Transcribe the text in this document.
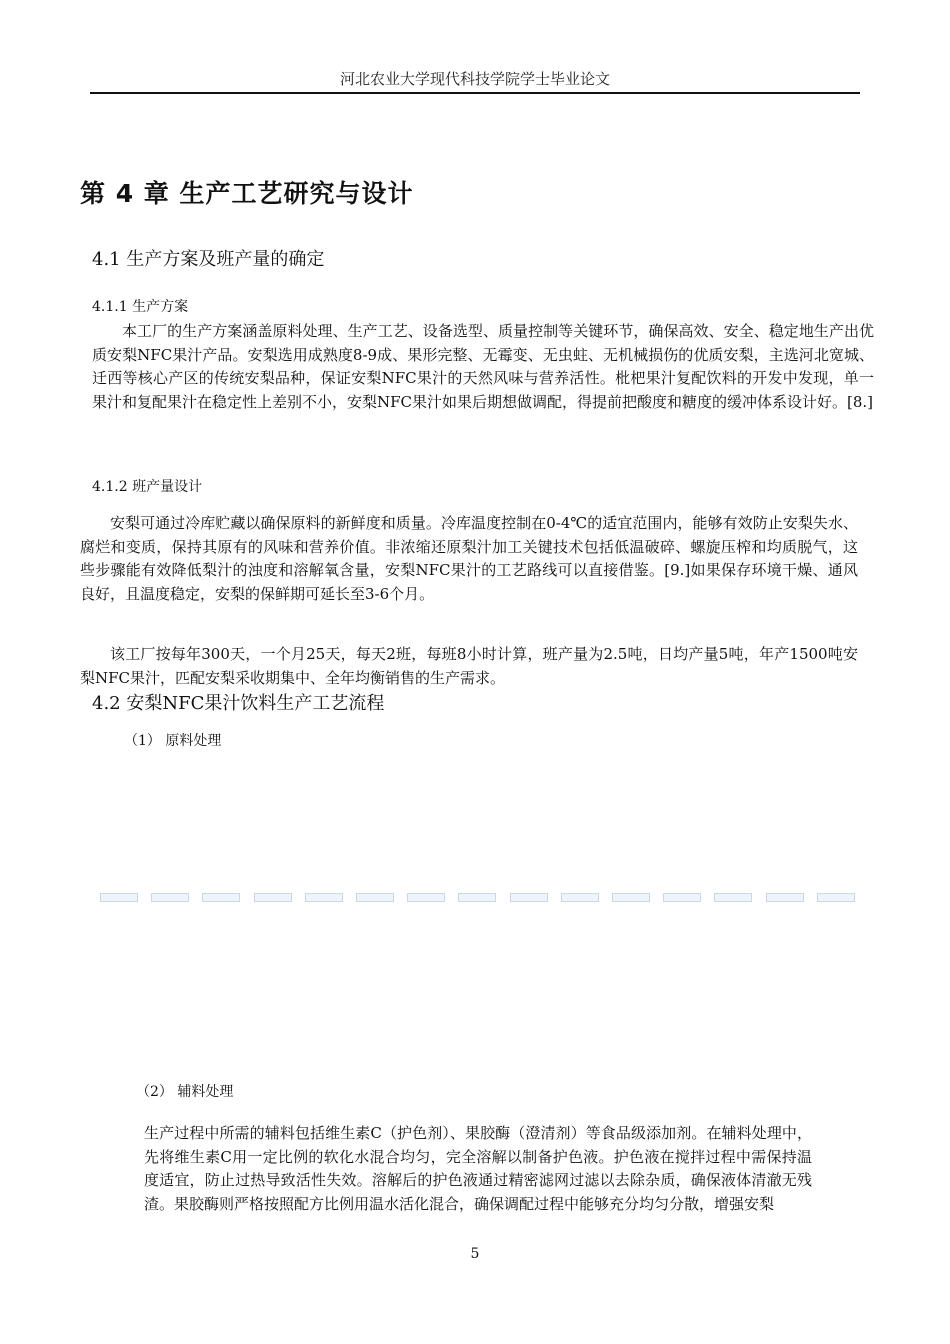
河北农业大学现代科技学院学士毕业论文
第 4 章 生产工艺研究与设计
4.1 生产方案及班产量的确定
4.1.1 生产方案

本工厂的生产方案涵盖原料处理、生产工艺、设备选型、质量控制等关键环节，确保高效、安全、稳定地生产出优质安梨NFC果汁产品。安梨选用成熟度8-9成、果形完整、无霉变、无虫蛀、无机械损伤的优质安梨，主选河北宽城、迁西等核心产区的传统安梨品种，保证安梨NFC果汁的天然风味与营养活性。枇杷果汁复配饮料的开发中发现，单一果汁和复配果汁在稳定性上差别不小，安梨NFC果汁如果后期想做调配，得提前把酸度和糖度的缓冲体系设计好。[8.]

4.1.2 班产量设计

安梨可通过冷库贮藏以确保原料的新鲜度和质量。冷库温度控制在0-4℃的适宜范围内，能够有效防止安梨失水、腐烂和变质，保持其原有的风味和营养价值。非浓缩还原梨汁加工关键技术包括低温破碎、螺旋压榨和均质脱气，这些步骤能有效降低梨汁的浊度和溶解氧含量，安梨NFC果汁的工艺路线可以直接借鉴。[9.]如果保存环境干燥、通风良好，且温度稳定，安梨的保鲜期可延长至3-6个月。

该工厂按每年300天，一个月25天，每天2班，每班8小时计算，班产量为2.5吨，日均产量5吨，年产1500吨安梨NFC果汁，匹配安梨采收期集中、全年均衡销售的生产需求。

4.2 安梨NFC果汁饮料生产工艺流程
（1） 原料处理
（2） 辅料处理

生产过程中所需的辅料包括维生素C（护色剂）、果胶酶（澄清剂）等食品级添加剂。在辅料处理中，先将维生素C用一定比例的软化水混合均匀，完全溶解以制备护色液。护色液在搅拌过程中需保持温度适宜，防止过热导致活性失效。溶解后的护色液通过精密滤网过滤以去除杂质，确保液体清澈无残渣。果胶酶则严格按照配方比例用温水活化混合，确保调配过程中能够充分均匀分散，增强安梨

5
